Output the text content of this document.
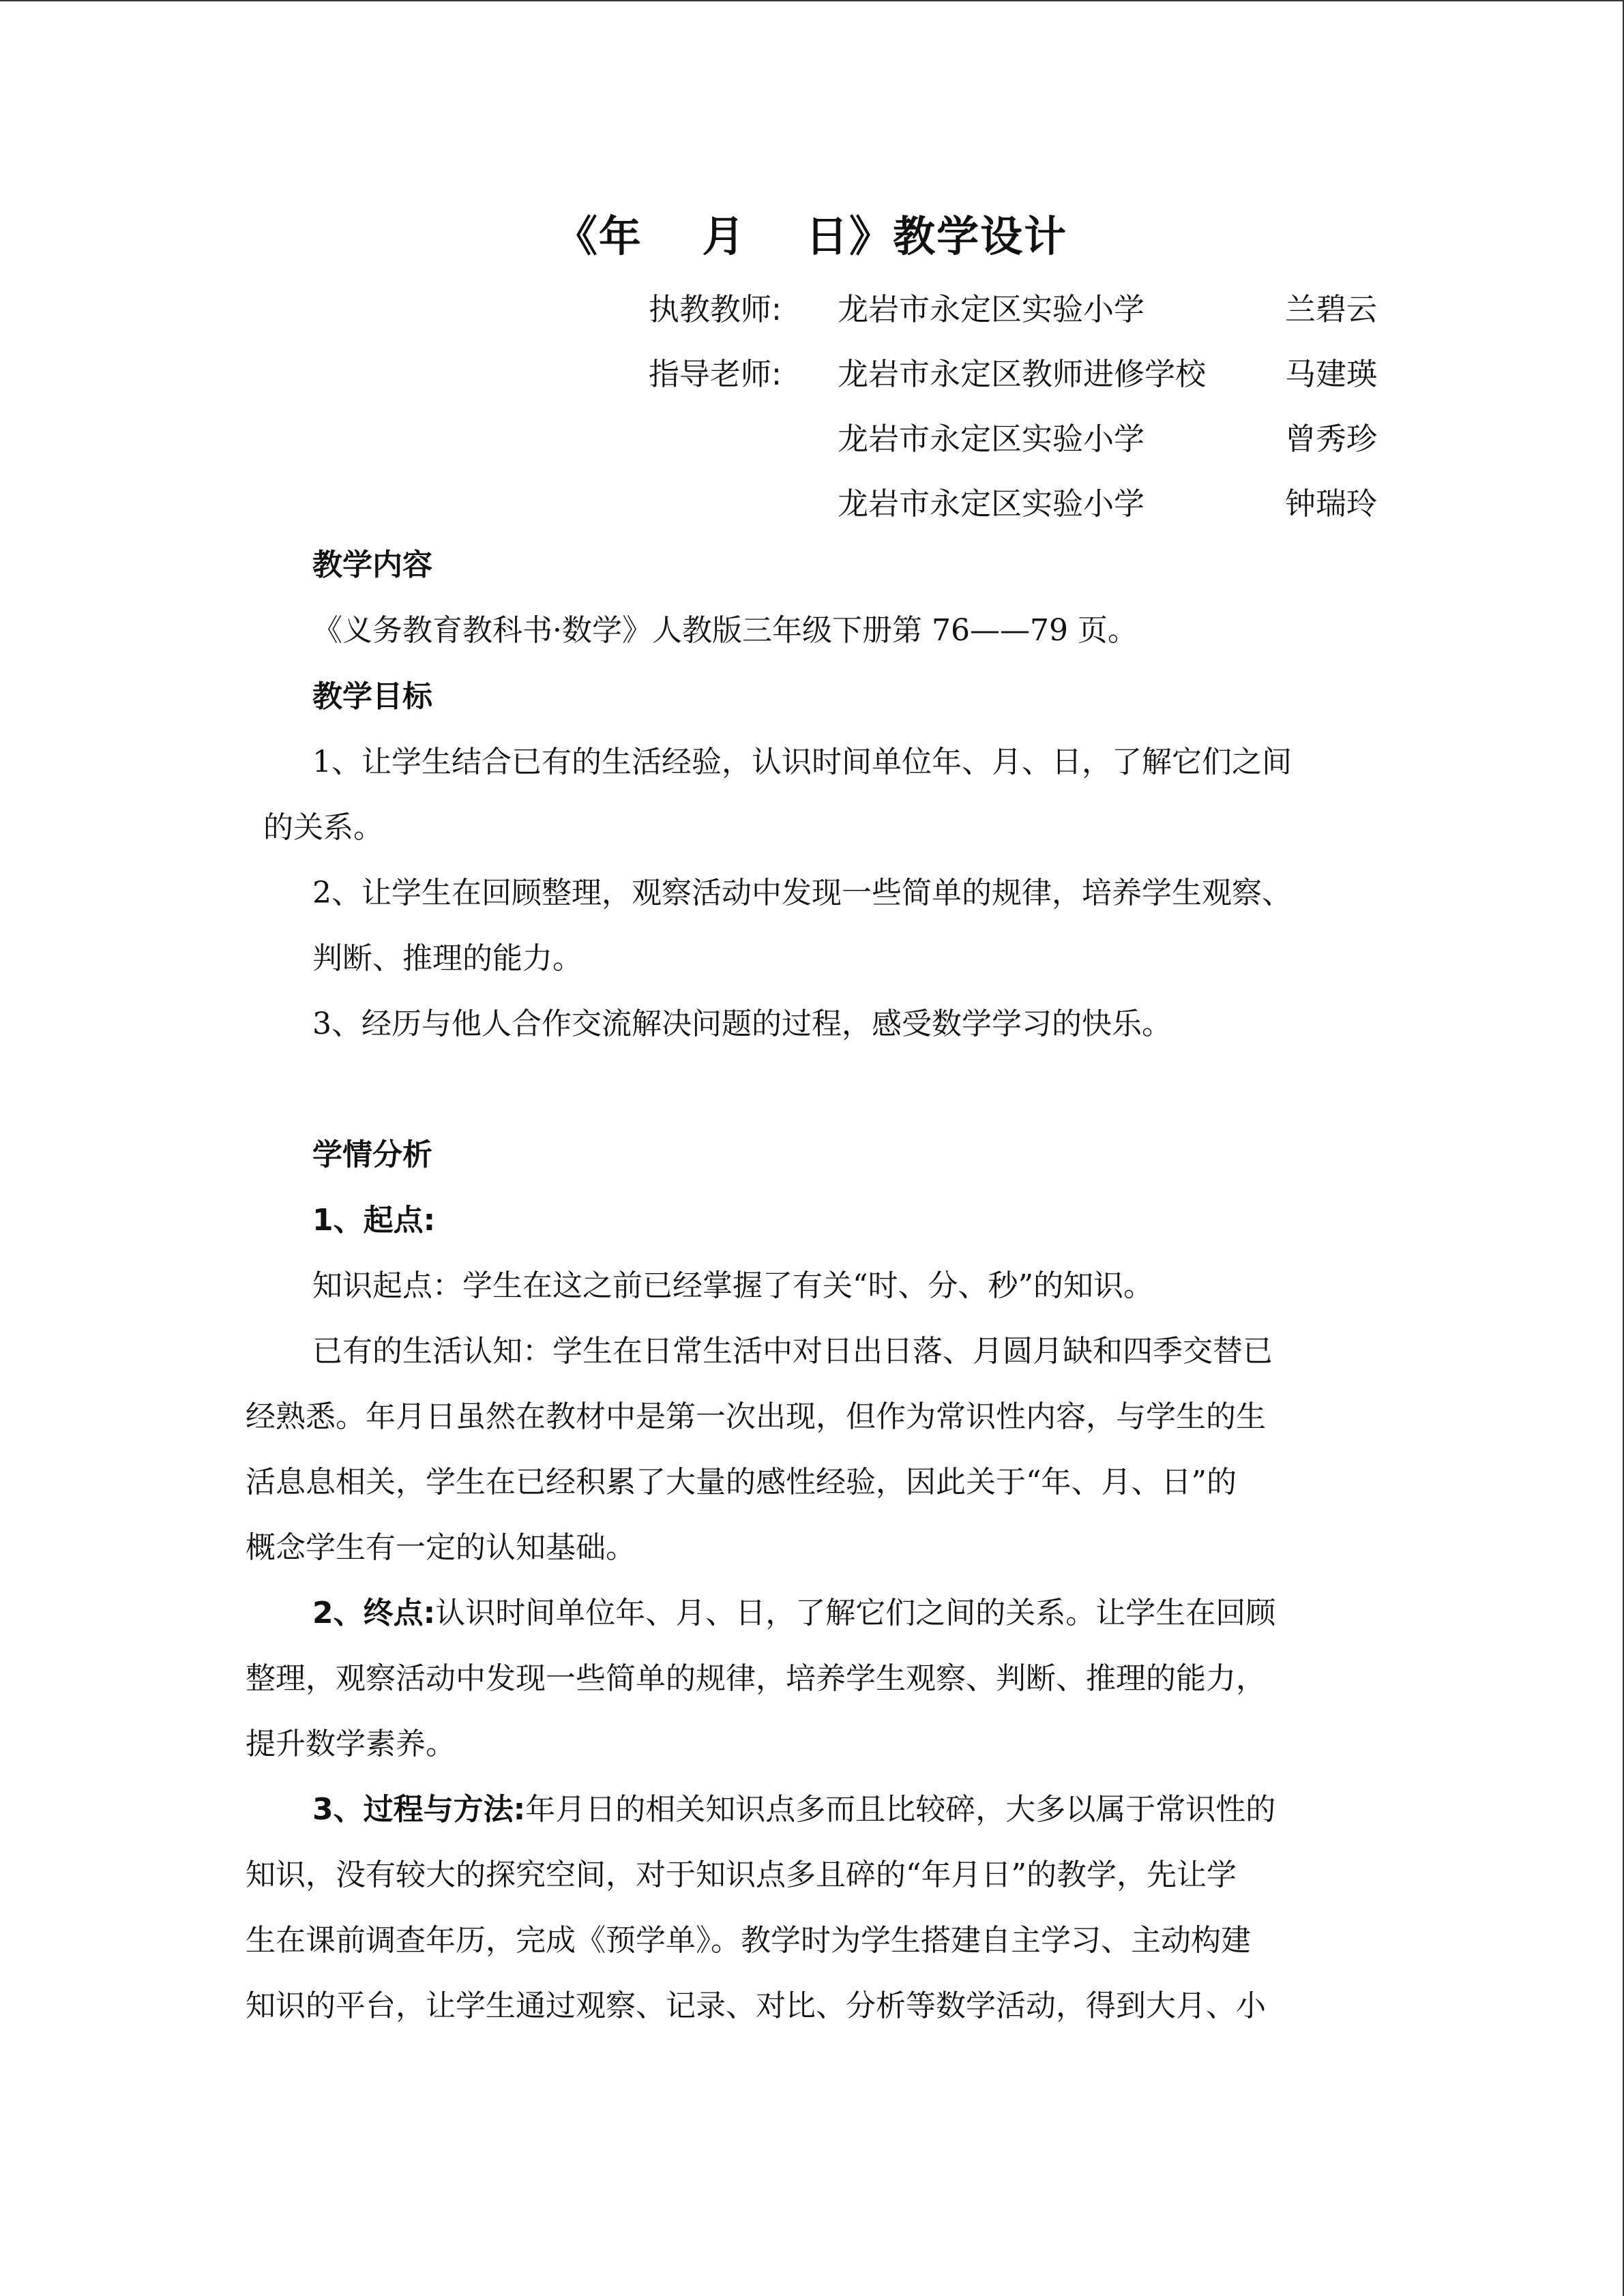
《年　 月　 日》教学设计
执教教师: 龙岩市永定区实验小学	兰碧云
指导老师: 龙岩市永定区教师进修学校	马建瑛
龙岩市永定区实验小学	曾秀珍
龙岩市永定区实验小学	钟瑞玲
教学内容
《义务教育教科书·数学》人教版三年级下册第 76——79 页。
教学目标
1、让学生结合已有的生活经验，认识时间单位年、月、日，了解它们之间
的关系。
2、让学生在回顾整理，观察活动中发现一些简单的规律，培养学生观察、
判断、推理的能力。
3、经历与他人合作交流解决问题的过程，感受数学学习的快乐。
学情分析
1、起点:
知识起点：学生在这之前已经掌握了有关“时、分、秒”的知识。
已有的生活认知：学生在日常生活中对日出日落、月圆月缺和四季交替已
经熟悉。年月日虽然在教材中是第一次出现，但作为常识性内容，与学生的生
活息息相关，学生在已经积累了大量的感性经验，因此关于“年、月、日”的
概念学生有一定的认知基础。
2、终点:认识时间单位年、月、日，了解它们之间的关系。让学生在回顾
整理，观察活动中发现一些简单的规律，培养学生观察、判断、推理的能力，
提升数学素养。
3、过程与方法:年月日的相关知识点多而且比较碎，大多以属于常识性的
知识，没有较大的探究空间，对于知识点多且碎的“年月日”的教学，先让学
生在课前调查年历，完成《预学单》。教学时为学生搭建自主学习、主动构建
知识的平台，让学生通过观察、记录、对比、分析等数学活动，得到大月、小
